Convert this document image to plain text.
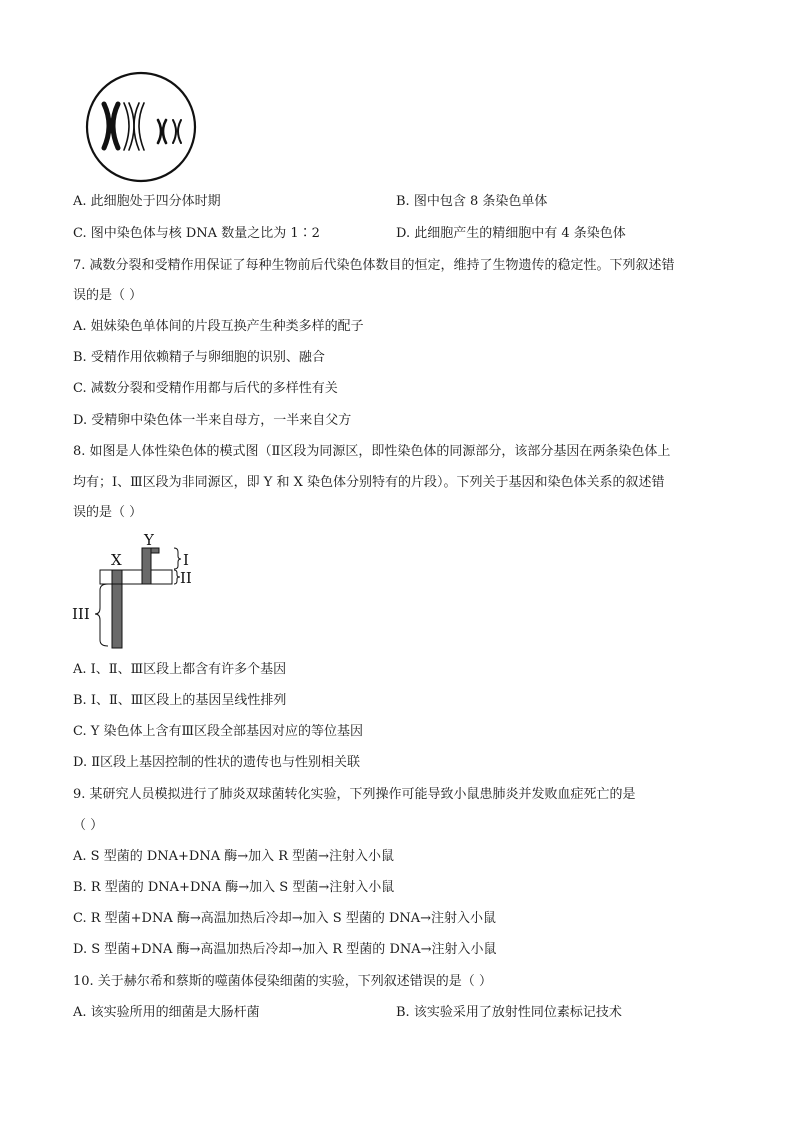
A. 此细胞处于四分体时期	B. 图中包含 8 条染色单体
C. 图中染色体与核 DNA 数量之比为 1∶2	D. 此细胞产生的精细胞中有 4 条染色体
7. 减数分裂和受精作用保证了每种生物前后代染色体数目的恒定，维持了生物遗传的稳定性。下列叙述错
误的是（ ）
A. 姐妹染色单体间的片段互换产生种类多样的配子
B. 受精作用依赖精子与卵细胞的识别、融合
C. 减数分裂和受精作用都与后代的多样性有关
D. 受精卵中染色体一半来自母方，一半来自父方
8. 如图是人体性染色体的模式图（Ⅱ区段为同源区，即性染色体的同源部分，该部分基因在两条染色体上
均有；Ⅰ、Ⅲ区段为非同源区，即 Y 和 X 染色体分别特有的片段）。下列关于基因和染色体关系的叙述错
误的是（ ）
X
Y
I
II
III
A. Ⅰ、Ⅱ、Ⅲ区段上都含有许多个基因
B. Ⅰ、Ⅱ、Ⅲ区段上的基因呈线性排列
C. Y 染色体上含有Ⅲ区段全部基因对应的等位基因
D. Ⅱ区段上基因控制的性状的遗传也与性别相关联
9. 某研究人员模拟进行了肺炎双球菌转化实验，下列操作可能导致小鼠患肺炎并发败血症死亡的是
（ ）
A. S 型菌的 DNA+DNA 酶→加入 R 型菌→注射入小鼠
B. R 型菌的 DNA+DNA 酶→加入 S 型菌→注射入小鼠
C. R 型菌+DNA 酶→高温加热后冷却→加入 S 型菌的 DNA→注射入小鼠
D. S 型菌+DNA 酶→高温加热后冷却→加入 R 型菌的 DNA→注射入小鼠
10. 关于赫尔希和蔡斯的噬菌体侵染细菌的实验，下列叙述错误的是（ ）
A. 该实验所用的细菌是大肠杆菌	B. 该实验采用了放射性同位素标记技术
